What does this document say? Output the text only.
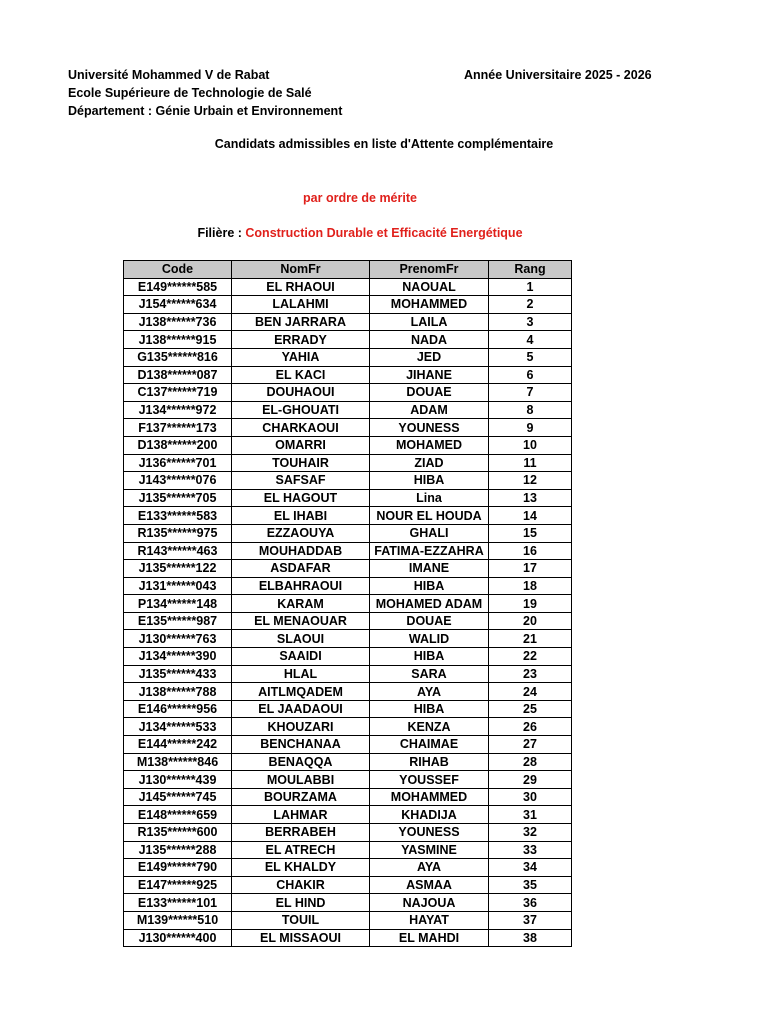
Université Mohammed V de Rabat
Ecole Supérieure de Technologie de Salé
Département : Génie Urbain et Environnement
Année Universitaire 2025 - 2026
Candidats admissibles en liste d'Attente complémentaire
par ordre de mérite
Filière : Construction Durable et Efficacité Energétique
Code	NomFr	PrenomFr	Rang
E149******585	EL RHAOUI	NAOUAL	1
J154******634	LALAHMI	MOHAMMED	2
J138******736	BEN JARRARA	LAILA	3
J138******915	ERRADY	NADA	4
G135******816	YAHIA	JED	5
D138******087	EL KACI	JIHANE	6
C137******719	DOUHAOUI	DOUAE	7
J134******972	EL-GHOUATI	ADAM	8
F137******173	CHARKAOUI	YOUNESS	9
D138******200	OMARRI	MOHAMED	10
J136******701	TOUHAIR	ZIAD	11
J143******076	SAFSAF	HIBA	12
J135******705	EL HAGOUT	Lina	13
E133******583	EL IHABI	NOUR EL HOUDA	14
R135******975	EZZAOUYA	GHALI	15
R143******463	MOUHADDAB	FATIMA-EZZAHRA	16
J135******122	ASDAFAR	IMANE	17
J131******043	ELBAHRAOUI	HIBA	18
P134******148	KARAM	MOHAMED ADAM	19
E135******987	EL MENAOUAR	DOUAE	20
J130******763	SLAOUI	WALID	21
J134******390	SAAIDI	HIBA	22
J135******433	HLAL	SARA	23
J138******788	AITLMQADEM	AYA	24
E146******956	EL JAADAOUI	HIBA	25
J134******533	KHOUZARI	KENZA	26
E144******242	BENCHANAA	CHAIMAE	27
M138******846	BENAQQA	RIHAB	28
J130******439	MOULABBI	YOUSSEF	29
J145******745	BOURZAMA	MOHAMMED	30
E148******659	LAHMAR	KHADIJA	31
R135******600	BERRABEH	YOUNESS	32
J135******288	EL ATRECH	YASMINE	33
E149******790	EL KHALDY	AYA	34
E147******925	CHAKIR	ASMAA	35
E133******101	EL HIND	NAJOUA	36
M139******510	TOUIL	HAYAT	37
J130******400	EL MISSAOUI	EL MAHDI	38
